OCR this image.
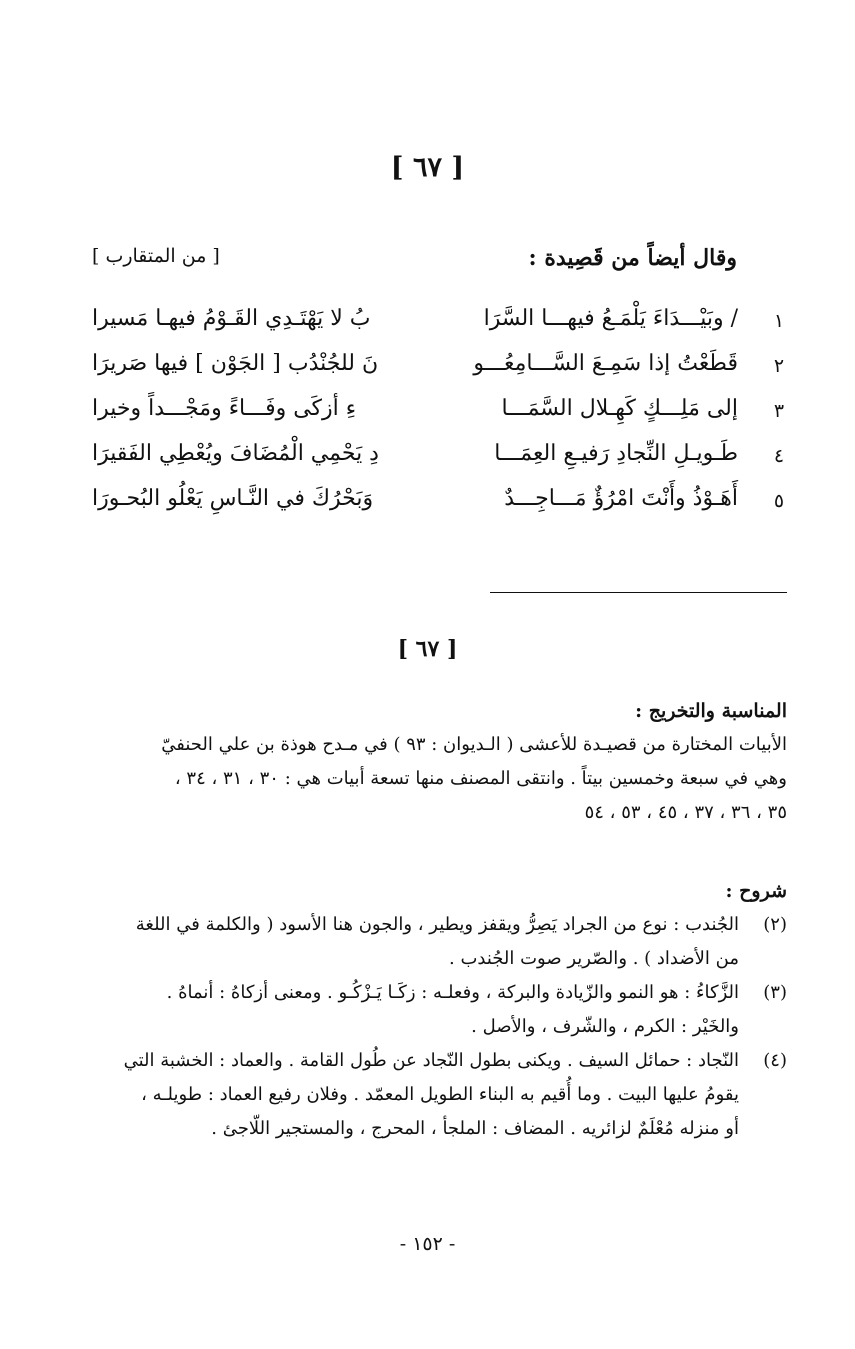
[ ٦٧ ]
وقال أيضاً من قَصِيدة :
[ من المتقارب ]
١
/ وبَيْـــدَاءَ يَلْمَـعُ فيهـــا السَّرَا
بُ لا يَهْتَـدِي القَـوْمُ فيهـا مَسيرا
٢
قَطَعْتُ إذا سَمِـعَ السَّـــامِعُـــو
نَ للجُنْدُب [ الجَوْن ] فيها صَريرَا
٣
إلى مَلِـــكٍ كَهِـلال السَّمَـــا
ءِ أزكَى وفَـــاءً ومَجْـــداً وخيرا
٤
طَـويـلِ النِّجادِ رَفيـعِ العِمَـــا
دِ يَحْمِي الْمُضَافَ ويُعْطِي الفَقيرَا
٥
أَهَـوْذُ وأَنْتَ امْرُؤٌ مَـــاجِـــدٌ
وَبَحْرُكَ في النَّـاسِ يَعْلُو البُحـورَا
[ ٦٧ ]
المناسبة والتخريج :
الأبيات المختارة من قصيـدة للأعشى ( الـديوان : ٩٣ ) في مـدح هوذة بن علي الحنفيّ
وهي في سبعة وخمسين بيتاً . وانتقى المصنف منها تسعة أبيات هي : ٣٠ ، ٣١ ، ٣٤ ،
٣٥ ، ٣٦ ، ٣٧ ، ٤٥ ، ٥٣ ، ٥٤
شروح :
(٢)
الجُندب : نوع من الجراد يَصِرُّ ويقفز ويطير ، والجون هنا الأسود ( والكلمة في اللغة
من الأضداد ) . والصّرير صوت الجُندب .
(٣)
الزَّكاءُ : هو النمو والزّيادة والبركة ، وفعلـه : زكَـا يَـزْكُـو . ومعنى أزكاهُ : أنماهُ .
والخَيْر : الكرم ، والشّرف ، والأصل .
(٤)
النّجاد : حمائل السيف . ويكنى بطول النّجاد عن طُول القامة . والعماد : الخشبة التي
يقومُ عليها البيت . وما أُقيم به البناء الطويل المعمّد . وفلان رفيع العماد : طويلـه ،
أو منزله مُعْلَمٌ لزائريه . المضاف : الملجأ ، المحرج ، والمستجير اللّاجئ .
- ١٥٢ -
